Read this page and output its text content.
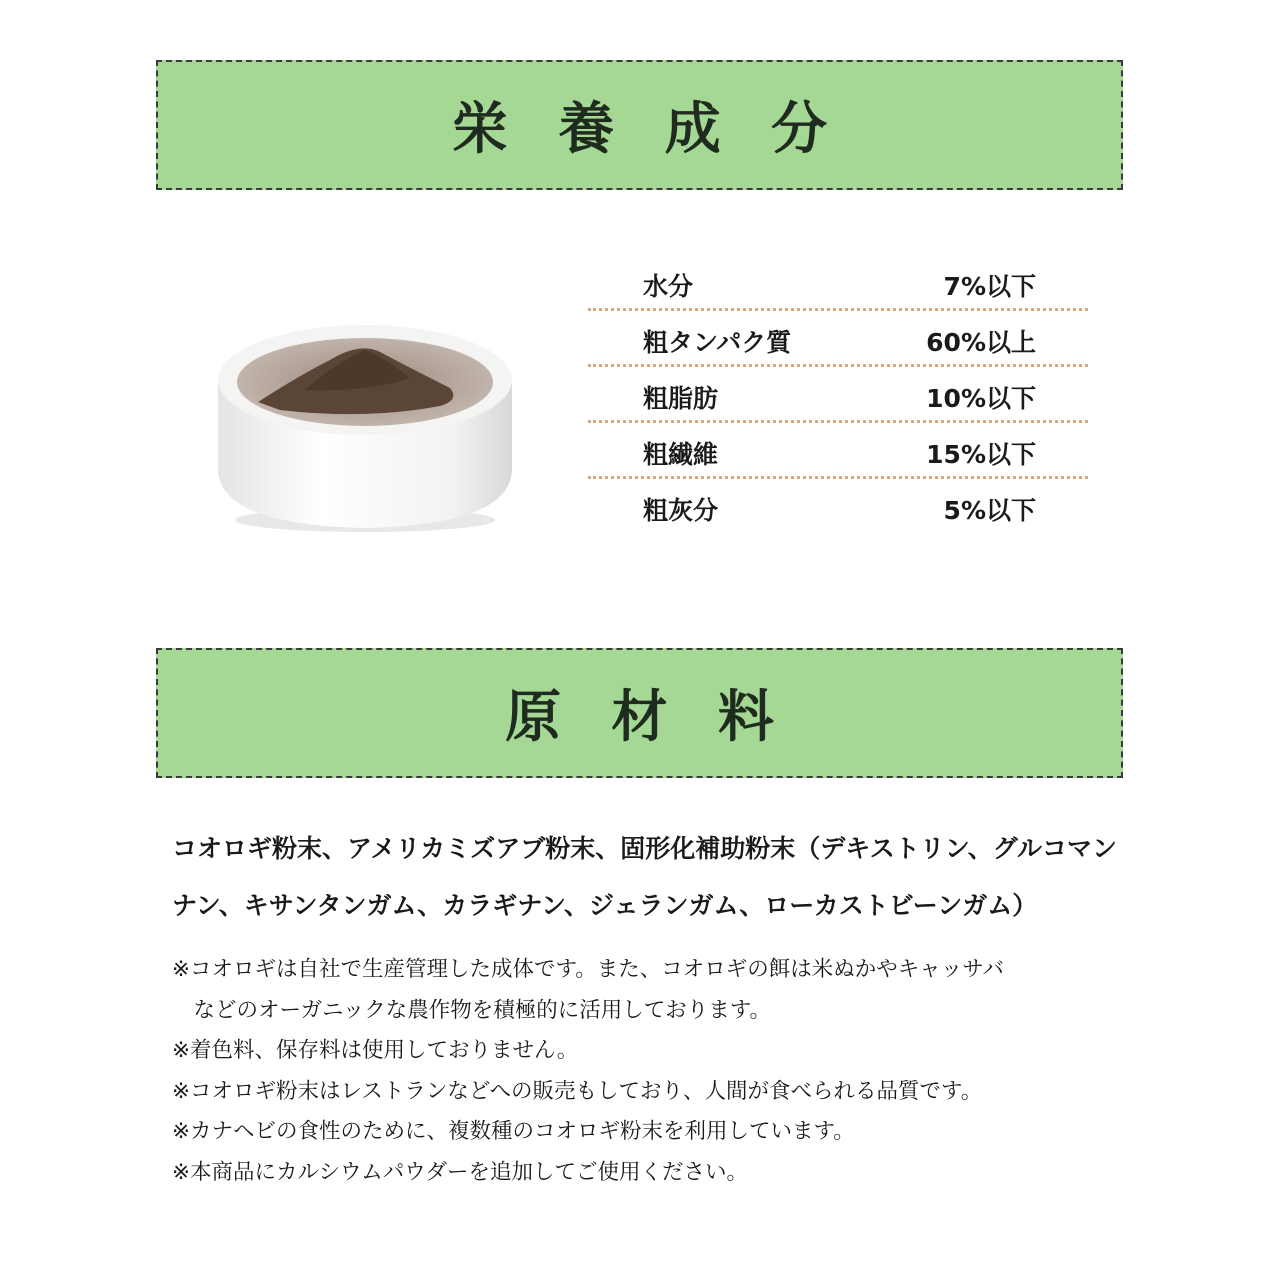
栄養成分
水分	7%以下
粗タンパク質	60%以上
粗脂肪	10%以下
粗繊維	15%以下
粗灰分	5%以下
原材料

コオロギ粉末、アメリカミズアブ粉末、固形化補助粉末（デキストリン、グルコマンナン、キサンタンガム、カラギナン、ジェランガム、ローカストビーンガム）

※コオロギは自社で生産管理した成体です。また、コオロギの餌は米ぬかやキャッサバ
　などのオーガニックな農作物を積極的に活用しております。
※着色料、保存料は使用しておりません。
※コオロギ粉末はレストランなどへの販売もしており、人間が食べられる品質です。
※カナヘビの食性のために、複数種のコオロギ粉末を利用しています。
※本商品にカルシウムパウダーを追加してご使用ください。
